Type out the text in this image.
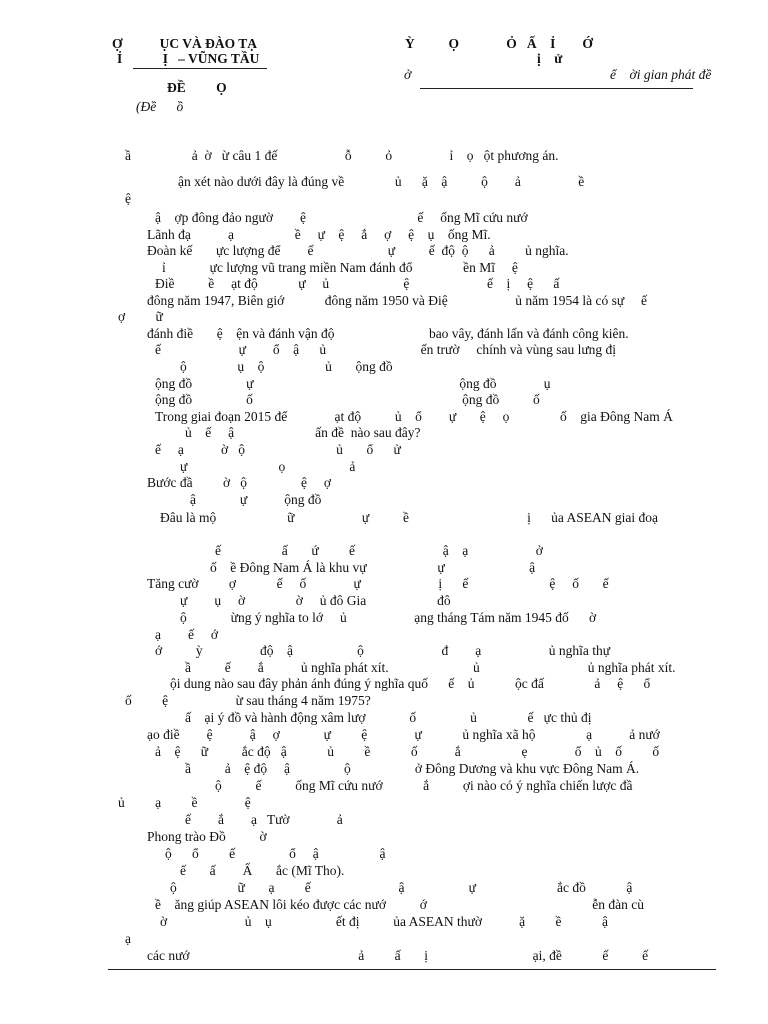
Ợ           ỤC VÀ ĐÀO TẠ
Ỉ            Ị   – VŨNG TẦU
ĐỀ         Ọ
(Đề      ồ
Ỳ          Ọ              Ỏ   Ấ    Ỉ        Ớ
ị    ử
ở	ể    ời gian phát đề
ầ                  ả  ờ   ừ câu 1 đế                    ỗ          ỏ                 ỉ    ọ   ột phương án.
ận xét nào dưới đây là đúng về               ủ      ặ    ậ          ộ        ả                 ề
ệ
ậ    ợp đông đảo ngườ        ệ                                 ế     ống Mĩ cứu nướ
Lãnh đạ           ạ                  ề     ự    ệ     ắ     ợ     ệ    ụ    ống Mĩ.
Đoàn kế       ực lượng để        ế                      ự          ế  độ  ộ      ả         ủ nghĩa.
ỉ             ực lượng vũ trang miền Nam đánh đổ               ền Mĩ     ệ
Điề          ề     ạt độ            ự     ủ                      ệ                       ế    ị     ệ      ấ
đông năm 1947, Biên giớ            đông năm 1950 và Điệ                    ủ năm 1954 là có sự     ế
ợ         ữ
đánh điề       ệ    ện và đánh vận độ                            bao vây, đánh lấn và đánh công kiên.
ế                       ự        ổ    ậ      ủ                            ến trườ     chính và vùng sau lưng đị
ộ               ụ    ộ                  ủ       ộng đồ
ộng đồ                ự                                                             ộng đồ              ụ
ộng đồ                ố                                                              ộng đồ          ố
Trong giai đoạn 2015 để              ạt độ          ủ    ổ        ự       ệ     ọ               ố    gia Đông Nam Á
ủ    ế     ậ                        ấn đề  nào sau đây?
ế     ạ           ờ   ộ                           ủ       ổ      ử
ự                           ọ                   ả
Bước đầ         ờ   ộ                ệ     ợ
ậ             ự           ộng đồ
Đâu là mộ                     ữ                    ự          ề                                   ị      ủa ASEAN giai đoạ
ế                  ấ       ứ         ế                          ậ    ạ                    ở
ố    ề Đông Nam Á là khu vự                     ự                         ậ
Tăng cườ         ợ            ế     ố              ự                       ị      ế                        ệ     ố       ế
ự        ụ     ờ               ờ     ủ đô Gia                     đô
ộ             ừng ý nghĩa to lớ     ủ                    ạng tháng Tám năm 1945 đố      ờ
ạ        ế     ớ
ớ          ỳ                 độ    ậ                   ộ                       đ        ạ                    ủ nghĩa thự
ầ          ế        ắ           ủ nghĩa phát xít.                         ủ                                ủ nghĩa phát xít.
ội dung nào sau đây phản ánh đúng ý nghĩa quố      ế    ủ            ộc đấ               ả     ệ      ổ
ố         ệ                    ừ sau tháng 4 năm 1975?
ấ    ại ý đồ và hành động xâm lượ             ố                ủ               ế   ực thủ đị
ạo điề        ệ           ậ     ợ             ự         ệ              ự            ủ nghĩa xã hộ               ạ           ả nướ
ả    ệ      ữ          ắc độ   ậ            ủ         ề            ố           ắ                  ẹ              ổ    ủ    ố         ố
ầ          ả    ệ độ     ậ                ộ                   ở Đông Dương và khu vực Đông Nam Á.
ộ          ế          ống Mĩ cứu nướ            ắ          ợi nào có ý nghĩa chiến lược đầ
ủ         ạ         ề              ệ
ế        ắ        ạ   Tườ              ả
Phong trào Đồ          ờ
ộ      ổ         ế                ổ     ậ                  ậ
ế       ấ        Ấ       ắc (Mĩ Tho).
ộ                  ữ       ạ         ế                          ậ                   ự                        ắc đồ            ậ
ề    ăng giúp ASEAN lôi kéo được các nướ          ớ                                                 ễn đàn cù
ờ                       ủ    ụ                   ết đị          ủa ASEAN thườ           ặ         ề            ậ
ạ
các nướ                                                  ả         ấ       ị                               ại, đề            ế          ế
